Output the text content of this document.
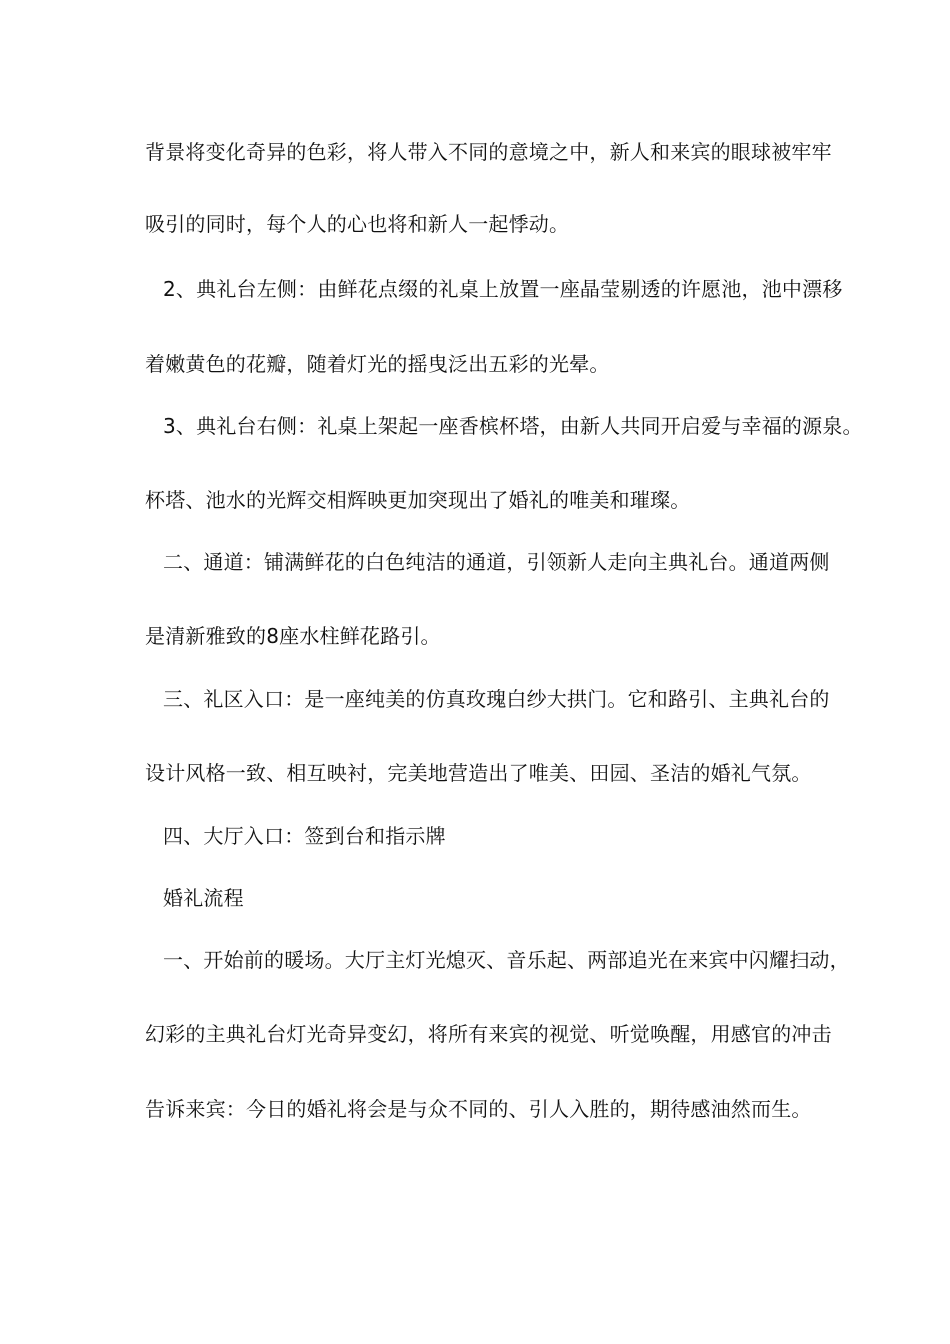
背景将变化奇异的色彩，将人带入不同的意境之中，新人和来宾的眼球被牢牢
吸引的同时，每个人的心也将和新人一起悸动。
2、典礼台左侧：由鲜花点缀的礼桌上放置一座晶莹剔透的许愿池，池中漂移
着嫩黄色的花瓣，随着灯光的摇曳泛出五彩的光晕。
3、典礼台右侧：礼桌上架起一座香槟杯塔，由新人共同开启爱与幸福的源泉。
杯塔、池水的光辉交相辉映更加突现出了婚礼的唯美和璀璨。
二、通道：铺满鲜花的白色纯洁的通道，引领新人走向主典礼台。通道两侧
是清新雅致的8座水柱鲜花路引。
三、礼区入口：是一座纯美的仿真玫瑰白纱大拱门。它和路引、主典礼台的
设计风格一致、相互映衬，完美地营造出了唯美、田园、圣洁的婚礼气氛。
四、大厅入口：签到台和指示牌
婚礼流程
一、开始前的暖场。大厅主灯光熄灭、音乐起、两部追光在来宾中闪耀扫动，
幻彩的主典礼台灯光奇异变幻，将所有来宾的视觉、听觉唤醒，用感官的冲击
告诉来宾：今日的婚礼将会是与众不同的、引人入胜的，期待感油然而生。
